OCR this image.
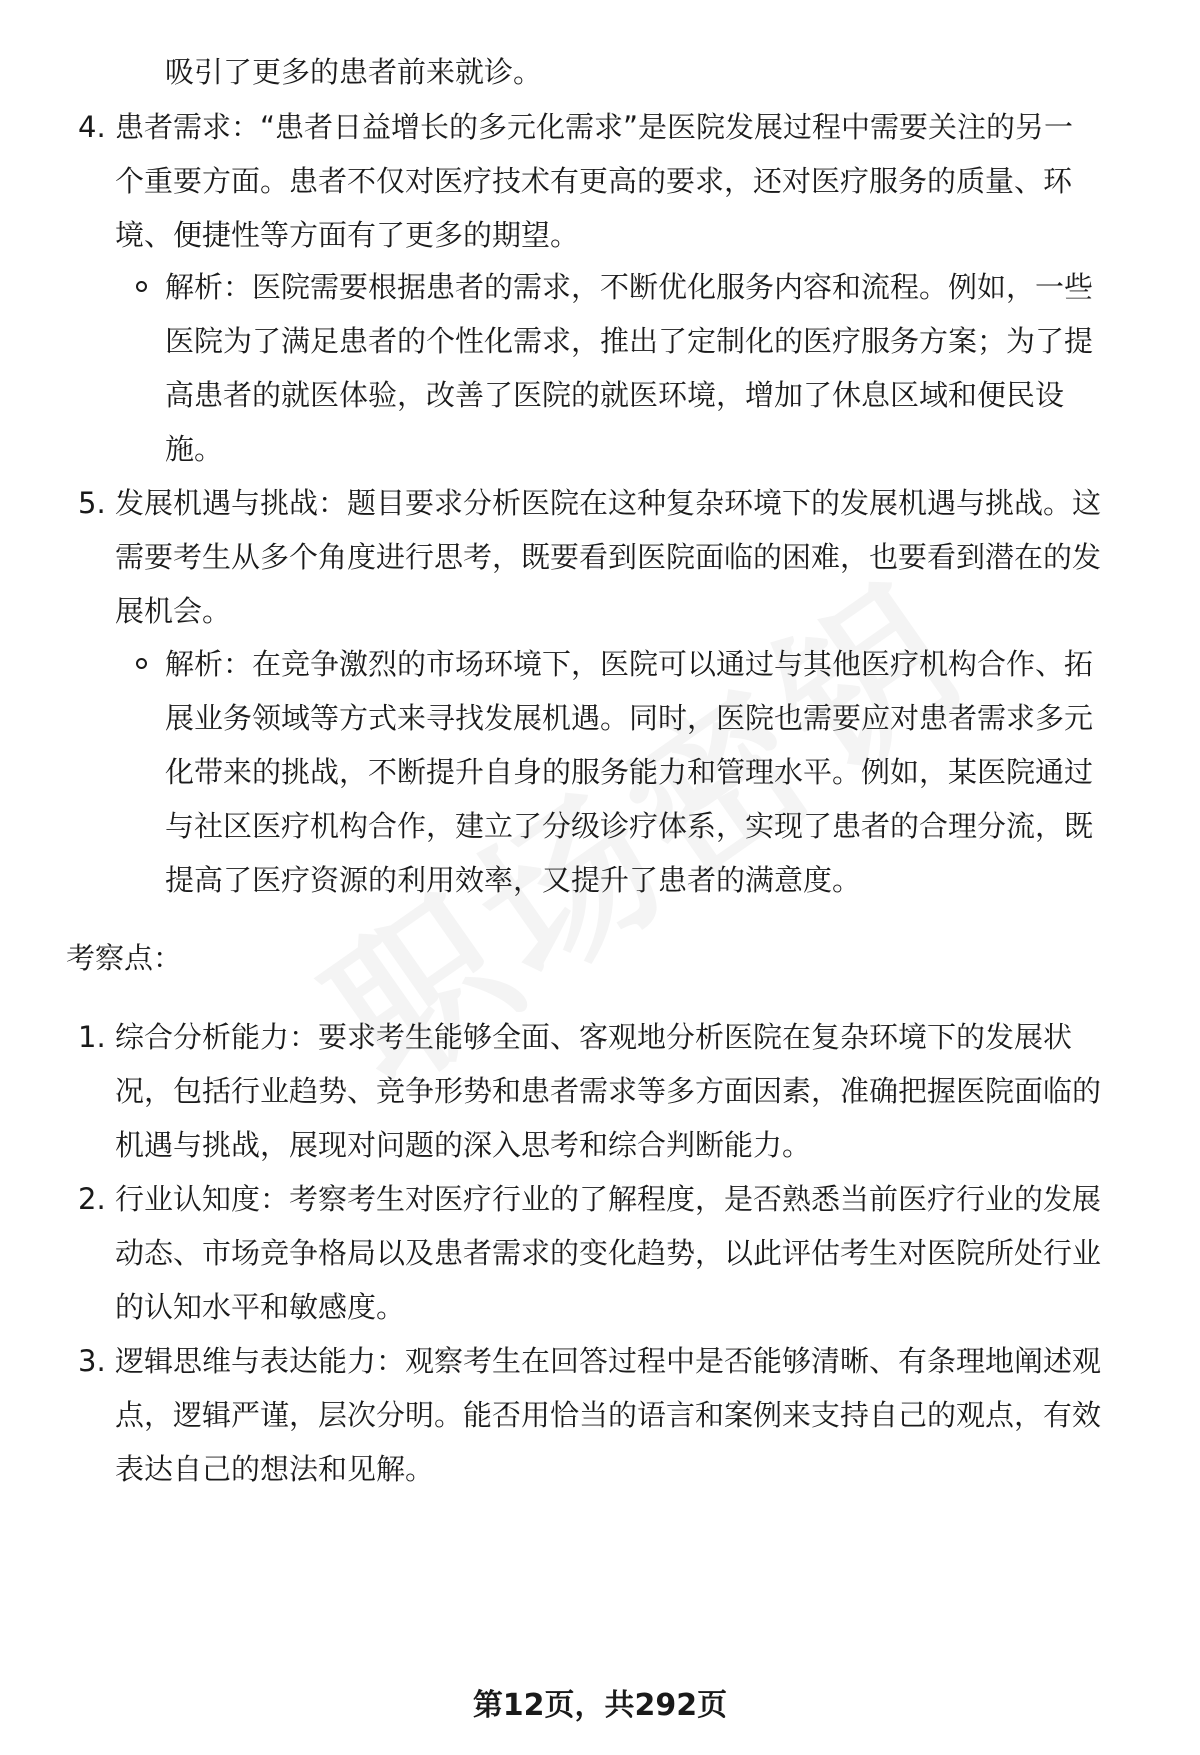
吸引了更多的患者前来就诊。
4. 患者需求：“患者日益增长的多元化需求”是医院发展过程中需要关注的另一
个重要方面。患者不仅对医疗技术有更高的要求，还对医疗服务的质量、环
境、便捷性等方面有了更多的期望。
解析：医院需要根据患者的需求，不断优化服务内容和流程。例如，一些
医院为了满足患者的个性化需求，推出了定制化的医疗服务方案；为了提
高患者的就医体验，改善了医院的就医环境，增加了休息区域和便民设
施。
5. 发展机遇与挑战：题目要求分析医院在这种复杂环境下的发展机遇与挑战。这
需要考生从多个角度进行思考，既要看到医院面临的困难，也要看到潜在的发
展机会。
解析：在竞争激烈的市场环境下，医院可以通过与其他医疗机构合作、拓
展业务领域等方式来寻找发展机遇。同时，医院也需要应对患者需求多元
化带来的挑战，不断提升自身的服务能力和管理水平。例如，某医院通过
与社区医疗机构合作，建立了分级诊疗体系，实现了患者的合理分流，既
提高了医疗资源的利用效率，又提升了患者的满意度。
考察点：
1. 综合分析能力：要求考生能够全面、客观地分析医院在复杂环境下的发展状
况，包括行业趋势、竞争形势和患者需求等多方面因素，准确把握医院面临的
机遇与挑战，展现对问题的深入思考和综合判断能力。
2. 行业认知度：考察考生对医疗行业的了解程度，是否熟悉当前医疗行业的发展
动态、市场竞争格局以及患者需求的变化趋势，以此评估考生对医院所处行业
的认知水平和敏感度。
3. 逻辑思维与表达能力：观察考生在回答过程中是否能够清晰、有条理地阐述观
点，逻辑严谨，层次分明。能否用恰当的语言和案例来支持自己的观点，有效
表达自己的想法和见解。
第12页，共292页
